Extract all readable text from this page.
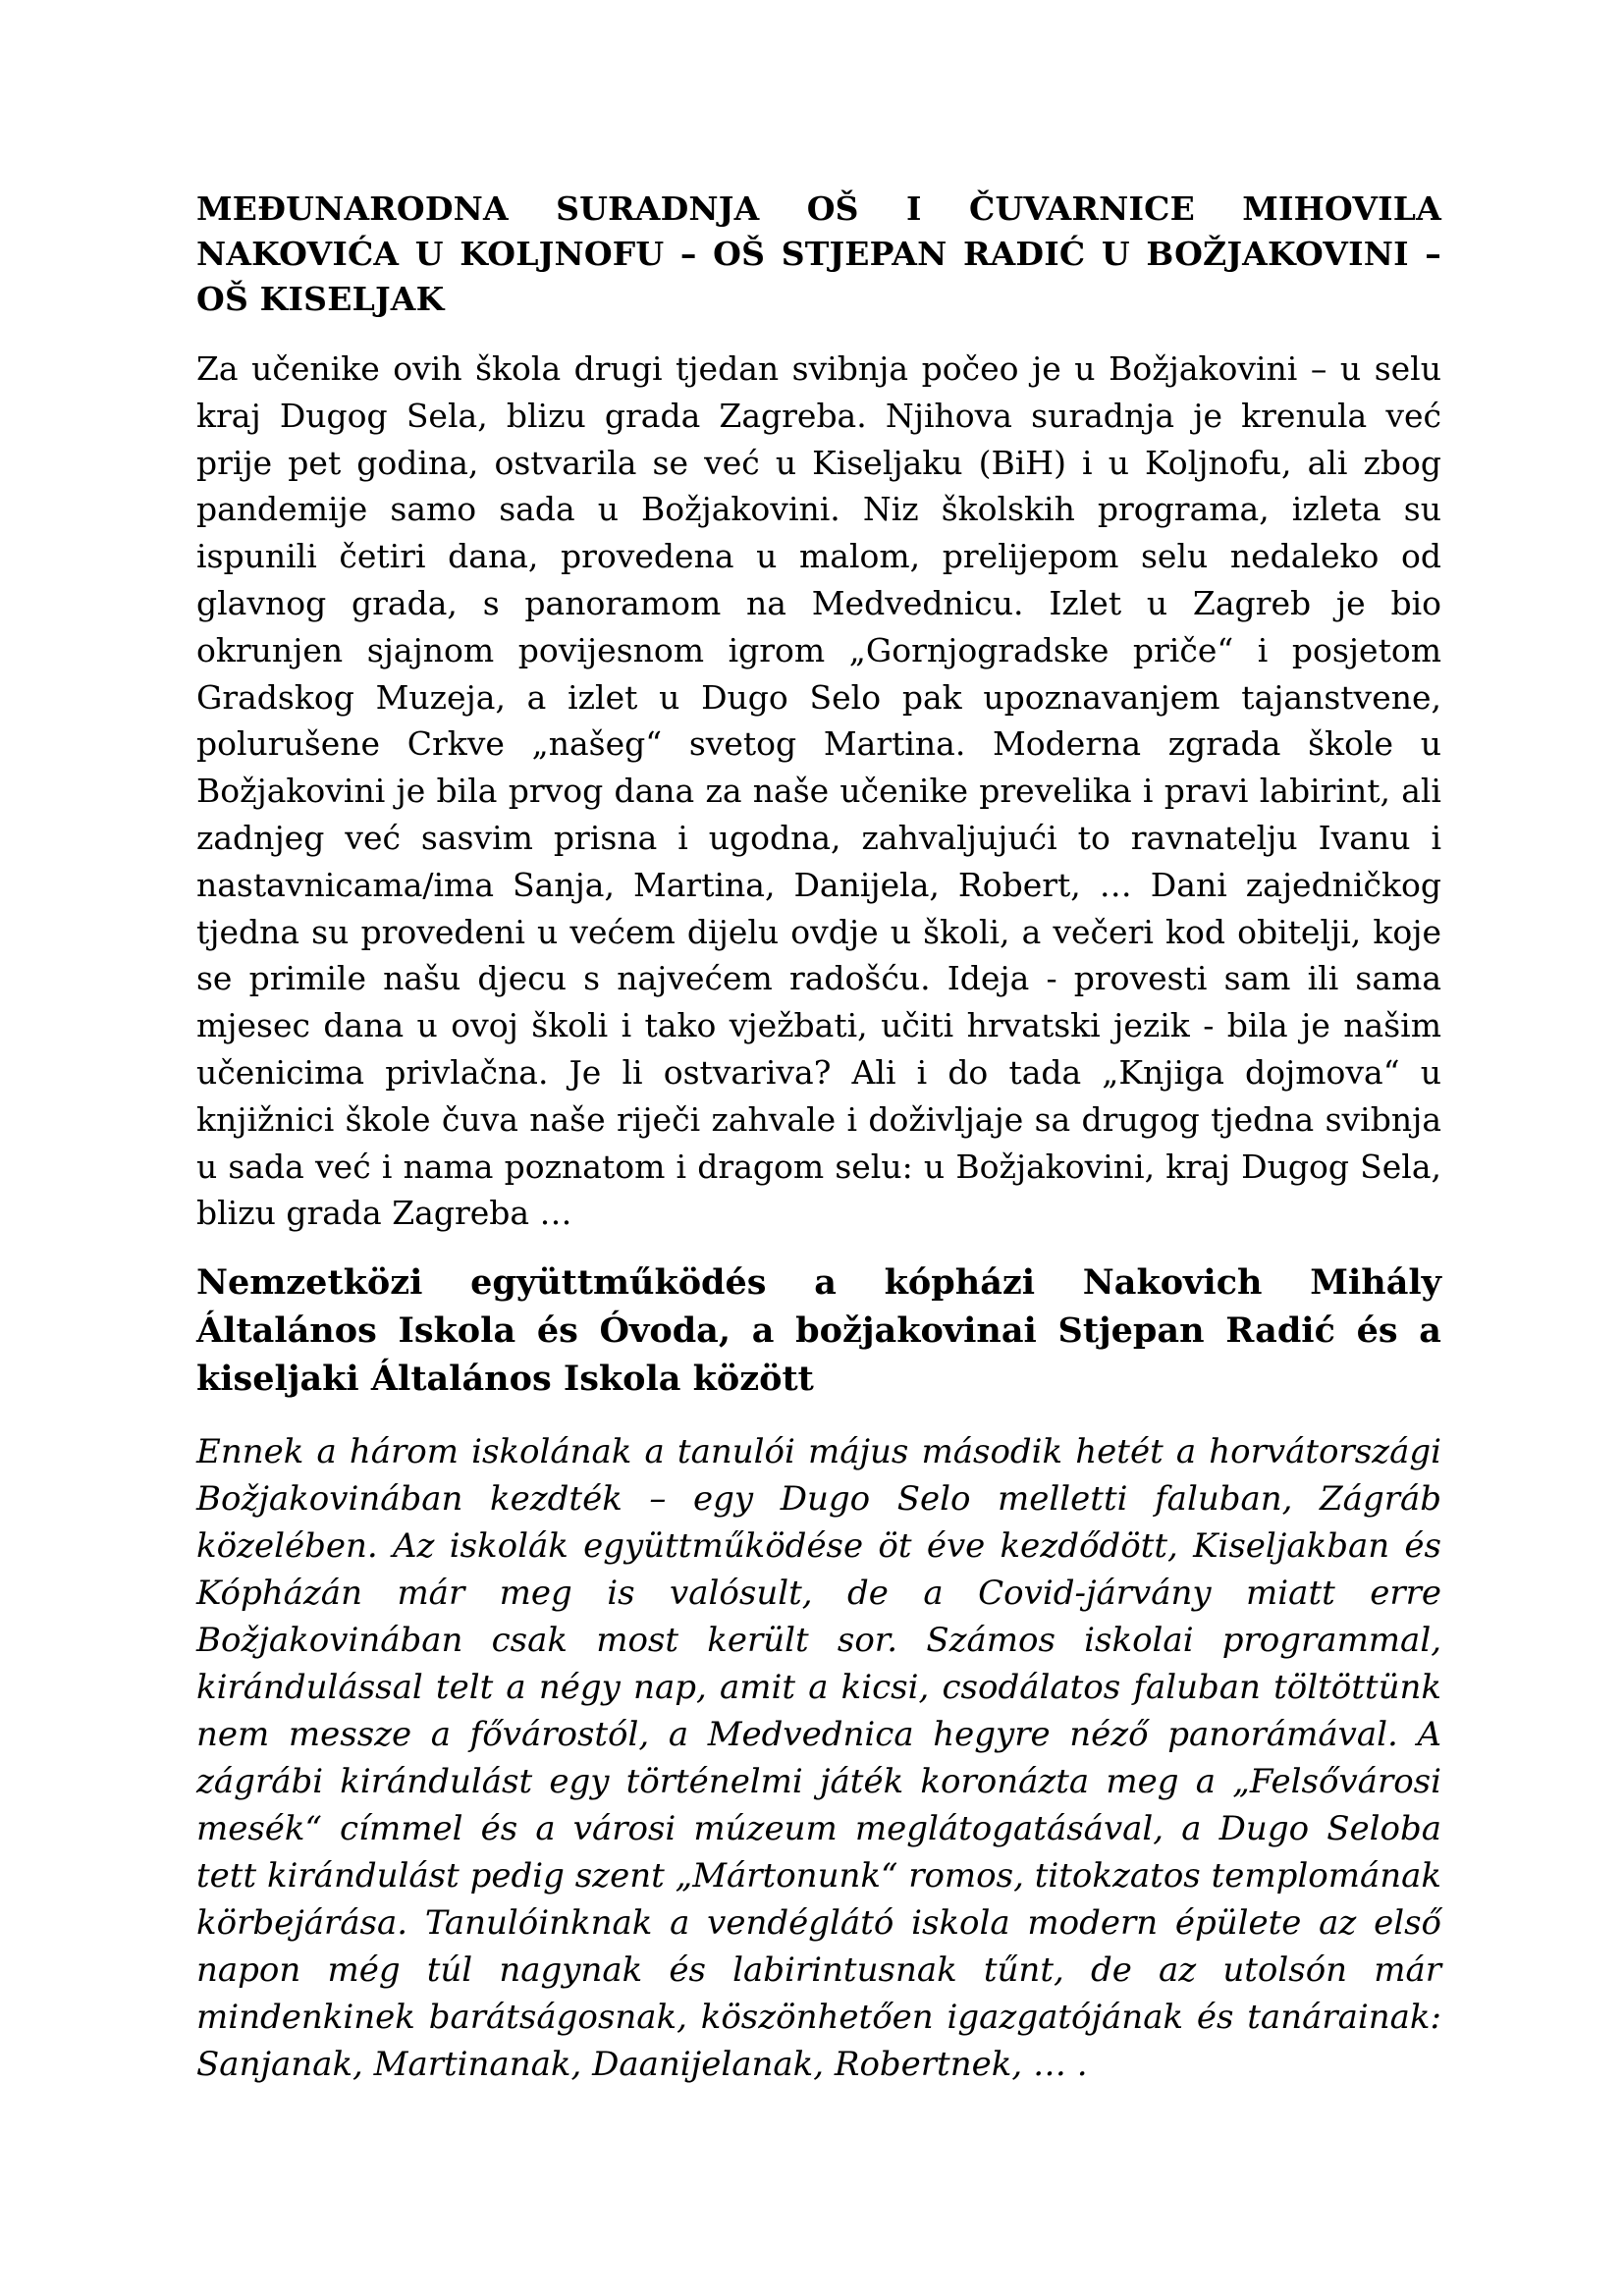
MEĐUNARODNA SURADNJA OŠ I ČUVARNICE MIHOVILA NAKOVIĆA U KOLJNOFU – OŠ STJEPAN RADIĆ U BOŽJAKOVINI – OŠ KISELJAK

Za učenike ovih škola drugi tjedan svibnja počeo je u Božjakovini – u selu kraj Dugog Sela, blizu grada Zagreba. Njihova suradnja je krenula već prije pet godina, ostvarila se već u Kiseljaku (BiH) i u Koljnofu, ali zbog pandemije samo sada u Božjakovini. Niz školskih programa, izleta su ispunili četiri dana, provedena u malom, prelijepom selu nedaleko od glavnog grada, s panoramom na Medvednicu. Izlet u Zagreb je bio okrunjen sjajnom povijesnom igrom „Gornjogradske priče“ i posjetom Gradskog Muzeja, a izlet u Dugo Selo pak upoznavanjem tajanstvene, polurušene Crkve „našeg“ svetog Martina. Moderna zgrada škole u Božjakovini je bila prvog dana za naše učenike prevelika i pravi labirint, ali zadnjeg već sasvim prisna i ugodna, zahvaljujući to ravnatelju Ivanu i nastavnicama/ima Sanja, Martina, Danijela, Robert, … Dani zajedničkog tjedna su provedeni u većem dijelu ovdje u školi, a večeri kod obitelji, koje se primile našu djecu s najvećem radošću. Ideja - provesti sam ili sama mjesec dana u ovoj školi i tako vježbati, učiti hrvatski jezik - bila je našim učenicima privlačna. Je li ostvariva? Ali i do tada „Knjiga dojmova“ u knjižnici škole čuva naše riječi zahvale i doživljaje sa drugog tjedna svibnja u sada već i nama poznatom i dragom selu: u Božjakovini, kraj Dugog Sela, blizu grada Zagreba …

Nemzetközi együttműködés a kópházi Nakovich Mihály Általános Iskola és Óvoda, a božjakovinai Stjepan Radić és a kiseljaki Általános Iskola között

Ennek a három iskolának a tanulói május második hetét a horvátországi Božjakovinában kezdték – egy Dugo Selo melletti faluban, Zágráb közelében. Az iskolák együttműködése öt éve kezdődött, Kiseljakban és Kópházán már meg is valósult, de a Covid-járvány miatt erre Božjakovinában csak most került sor. Számos iskolai programmal, kirándulással telt a négy nap, amit a kicsi, csodálatos faluban töltöttünk nem messze a fővárostól, a Medvednica hegyre néző panorámával. A zágrábi kirándulást egy történelmi játék koronázta meg a „Felsővárosi mesék“ címmel és a városi múzeum meglátogatásával, a Dugo Seloba tett kirándulást pedig szent „Mártonunk“ romos, titokzatos templomának körbejárása. Tanulóinknak a vendéglátó iskola modern épülete az első napon még túl nagynak és labirintusnak tűnt, de az utolsón már mindenkinek barátságosnak, köszönhetően igazgatójának és tanárainak: Sanjanak, Martinanak, Daanijelanak, Robertnek, … .
